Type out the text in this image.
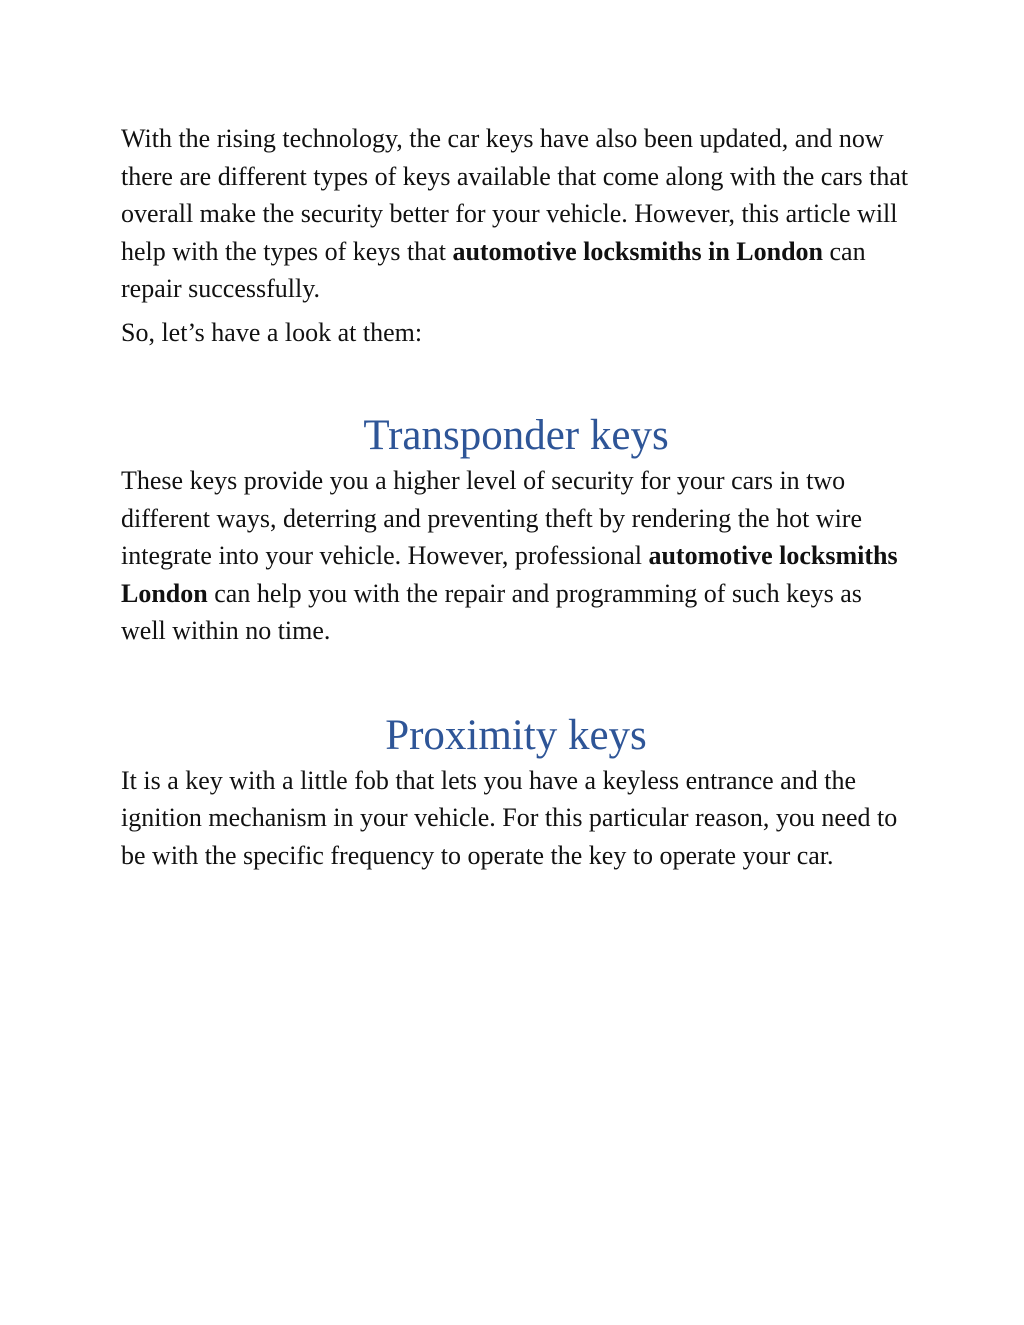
With the rising technology, the car keys have also been updated, and now there are different types of keys available that come along with the cars that overall make the security better for your vehicle. However, this article will help with the types of keys that automotive locksmiths in London can repair successfully.

So, let’s have a look at them:

Transponder keys

These keys provide you a higher level of security for your cars in two different ways, deterring and preventing theft by rendering the hot wire integrate into your vehicle. However, professional automotive locksmiths London can help you with the repair and programming of such keys as well within no time.

Proximity keys

It is a key with a little fob that lets you have a keyless entrance and the ignition mechanism in your vehicle. For this particular reason, you need to be with the specific frequency to operate the key to operate your car.
